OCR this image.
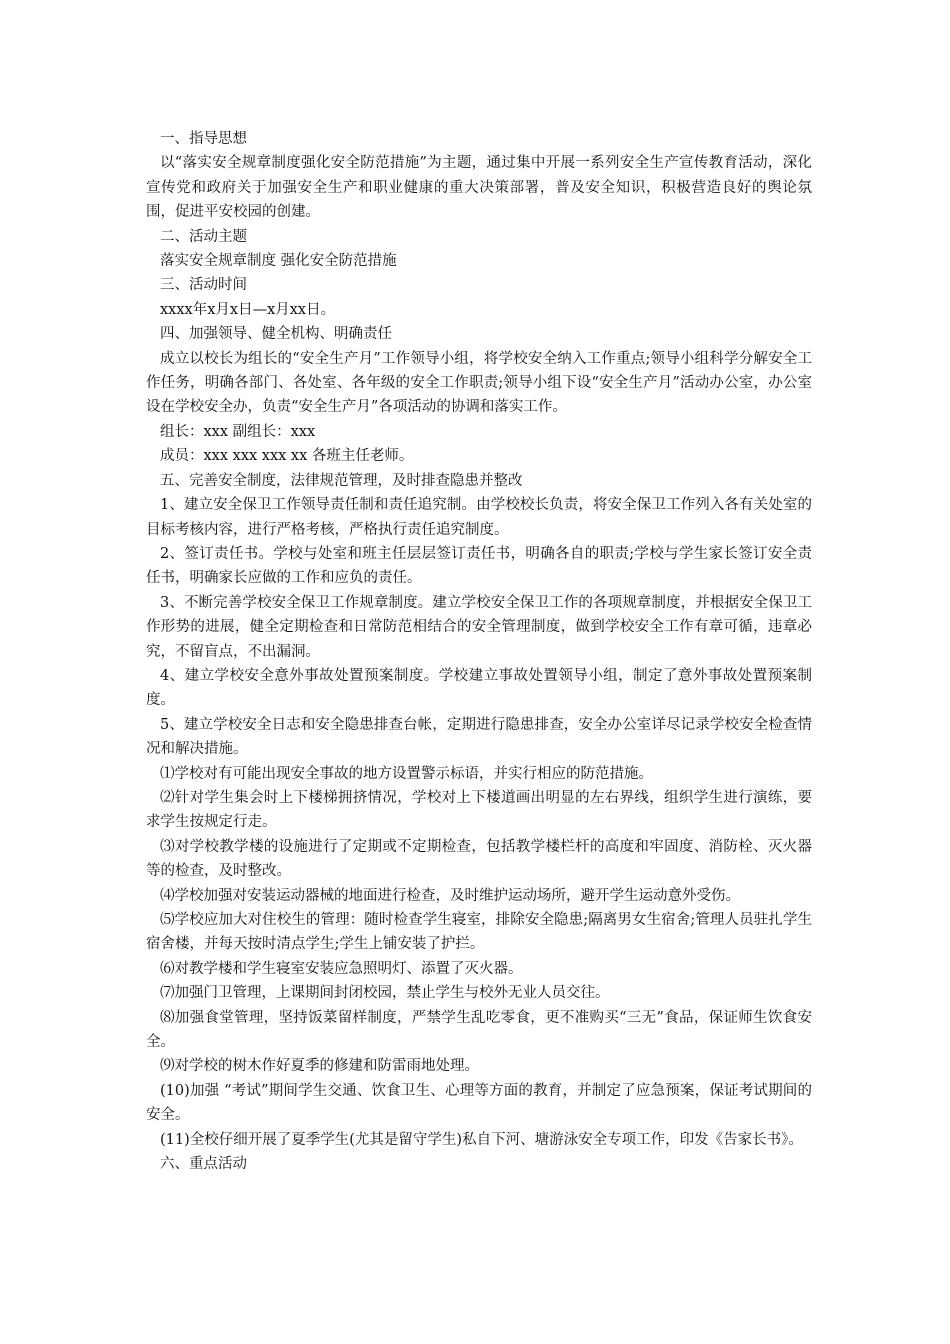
一、指导思想

以“落实安全规章制度强化安全防范措施”为主题，通过集中开展一系列安全生产宣传教育活动，深化宣传党和政府关于加强安全生产和职业健康的重大决策部署，普及安全知识，积极营造良好的舆论氛围，促进平安校园的创建。

二、活动主题

落实安全规章制度 强化安全防范措施

三、活动时间

xxxx年x月x日—x月xx日。

四、加强领导、健全机构、明确责任

成立以校长为组长的“安全生产月”工作领导小组，将学校安全纳入工作重点;领导小组科学分解安全工作任务，明确各部门、各处室、各年级的安全工作职责;领导小组下设“安全生产月”活动办公室，办公室设在学校安全办，负责“安全生产月”各项活动的协调和落实工作。

组长：xxx 副组长：xxx

成员：xxx xxx xxx xx 各班主任老师。

五、完善安全制度，法律规范管理，及时排查隐患并整改

1、建立安全保卫工作领导责任制和责任追究制。由学校校长负责，将安全保卫工作列入各有关处室的目标考核内容，进行严格考核，严格执行责任追究制度。

2、签订责任书。学校与处室和班主任层层签订责任书，明确各自的职责;学校与学生家长签订安全责任书，明确家长应做的工作和应负的责任。

3、不断完善学校安全保卫工作规章制度。建立学校安全保卫工作的各项规章制度，并根据安全保卫工作形势的进展，健全定期检查和日常防范相结合的安全管理制度，做到学校安全工作有章可循，违章必究，不留盲点，不出漏洞。

4、建立学校安全意外事故处置预案制度。学校建立事故处置领导小组，制定了意外事故处置预案制度。

5、建立学校安全日志和安全隐患排查台帐，定期进行隐患排查，安全办公室详尽记录学校安全检查情况和解决措施。

⑴学校对有可能出现安全事故的地方设置警示标语，并实行相应的防范措施。

⑵针对学生集会时上下楼梯拥挤情况，学校对上下楼道画出明显的左右界线，组织学生进行演练，要求学生按规定行走。

⑶对学校教学楼的设施进行了定期或不定期检查，包括教学楼栏杆的高度和牢固度、消防栓、灭火器等的检查，及时整改。

⑷学校加强对安装运动器械的地面进行检查，及时维护运动场所，避开学生运动意外受伤。

⑸学校应加大对住校生的管理：随时检查学生寝室，排除安全隐患;隔离男女生宿舍;管理人员驻扎学生宿舍楼，并每天按时清点学生;学生上铺安装了护拦。

⑹对教学楼和学生寝室安装应急照明灯、添置了灭火器。

⑺加强门卫管理，上课期间封闭校园，禁止学生与校外无业人员交往。

⑻加强食堂管理，坚持饭菜留样制度，严禁学生乱吃零食，更不准购买“三无”食品，保证师生饮食安全。

⑼对学校的树木作好夏季的修建和防雷雨地处理。

(10)加强 “考试”期间学生交通、饮食卫生、心理等方面的教育，并制定了应急预案，保证考试期间的安全。

(11)全校仔细开展了夏季学生(尤其是留守学生)私自下河、塘游泳安全专项工作，印发《告家长书》。

六、重点活动
